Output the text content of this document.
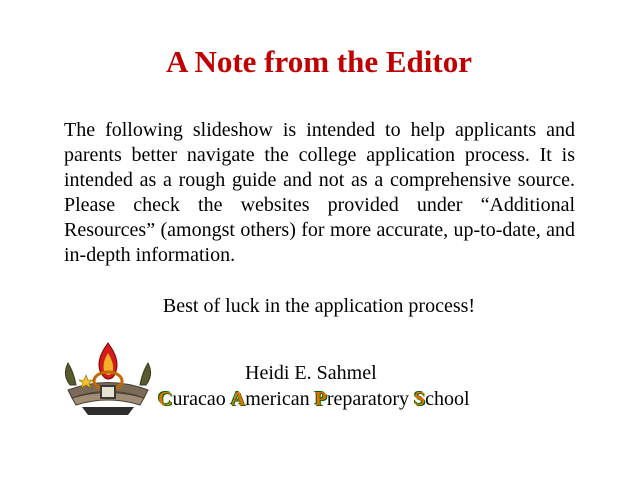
A Note from the Editor

The following slideshow is intended to help applicants and parents better navigate the college application process. It is intended as a rough guide and not as a comprehensive source. Please check the websites provided under “Additional Resources” (amongst others) for more accurate, up-to-date, and in-depth information.

Best of luck in the application process!

Heidi E. Sahmel

Curacao American Preparatory School
